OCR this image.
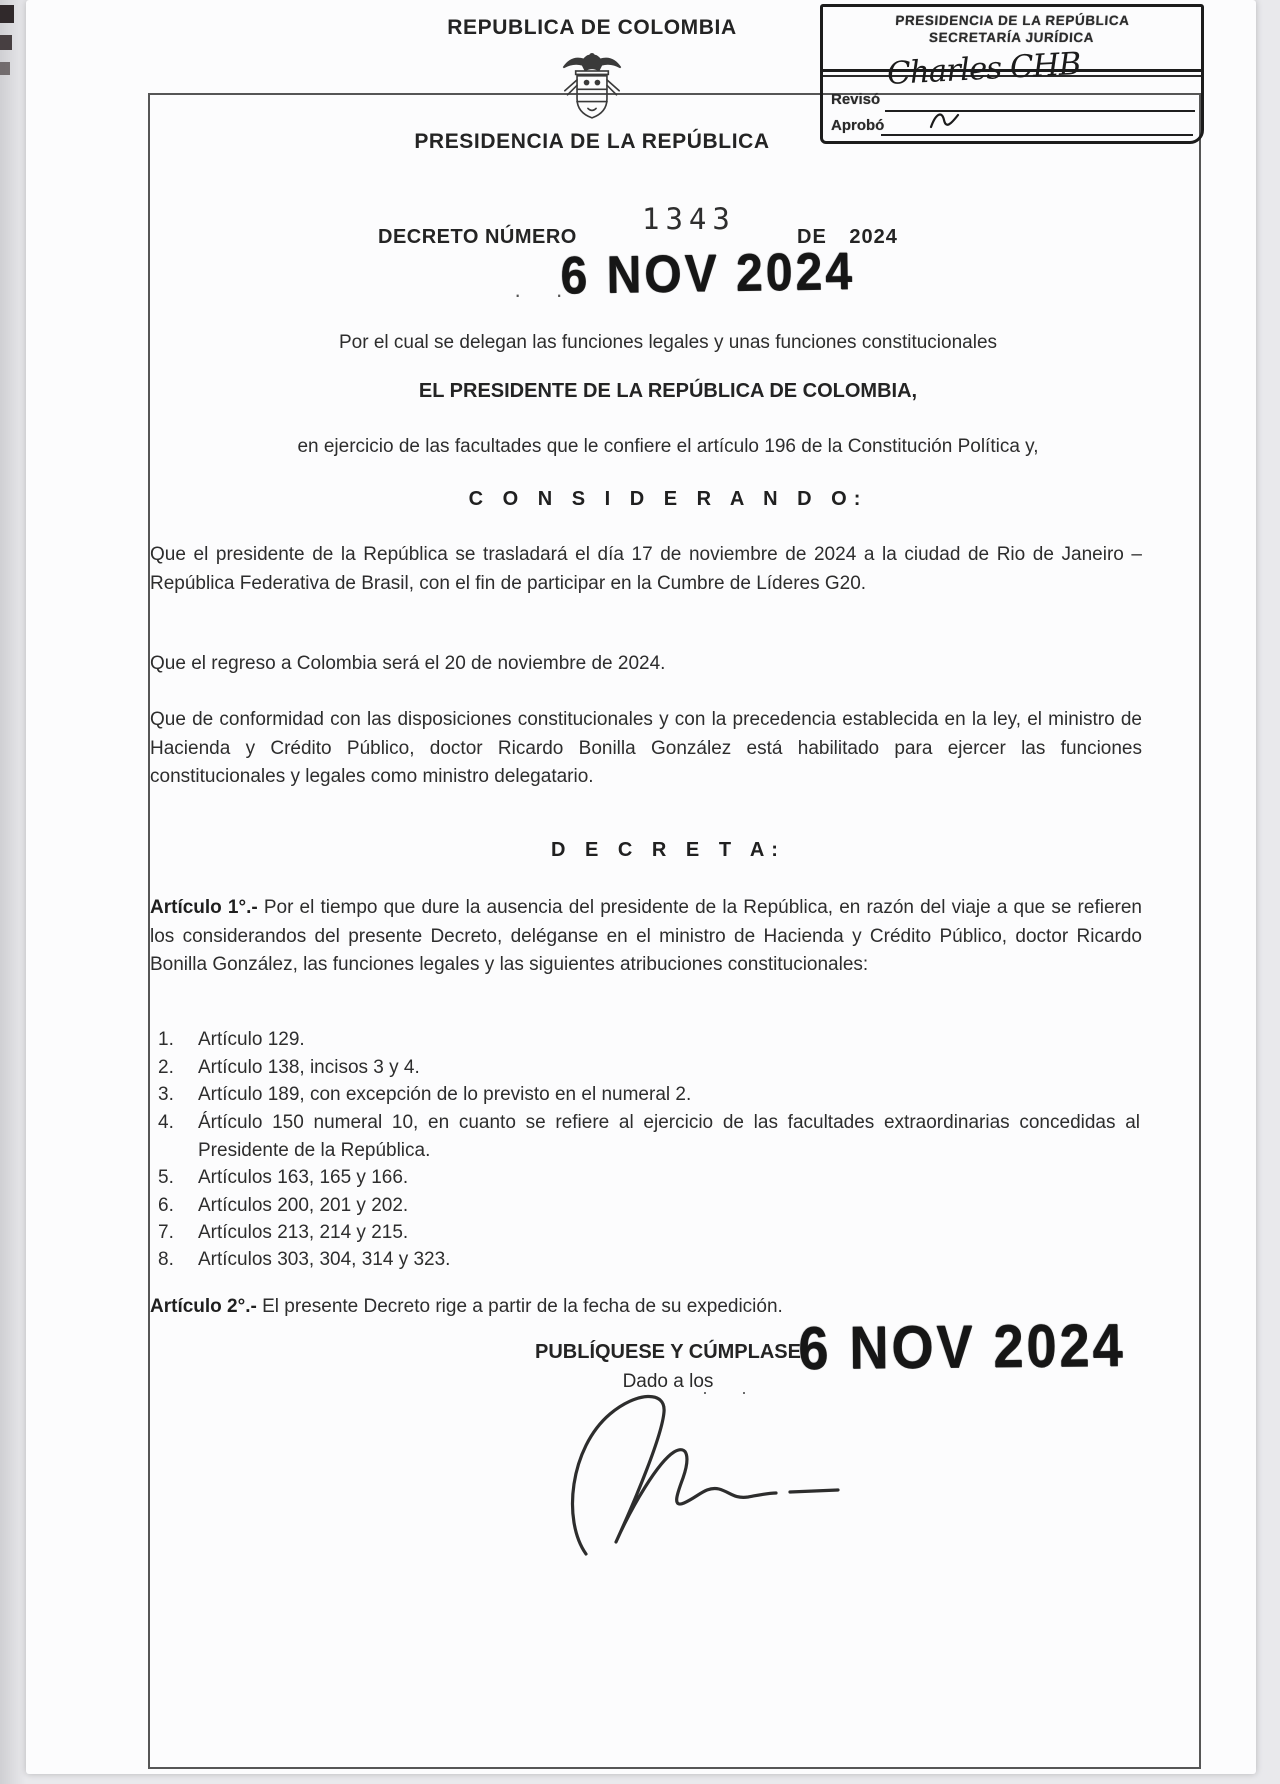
REPUBLICA DE COLOMBIA
PRESIDENCIA DE LA REPÚBLICA
PRESIDENCIA DE LA REPÚBLICA
SECRETARÍA JURÍDICA
Revisó
Charles CHB
Aprobó
DECRETO NÚMERO
1343
DE 2024
· ·
6 NOV 2024
Por el cual se delegan las funciones legales y unas funciones constitucionales
EL PRESIDENTE DE LA REPÚBLICA DE COLOMBIA,
en ejercicio de las facultades que le confiere el artículo 196 de la Constitución Política y,
C O N S I D E R A N D O:
Que el presidente de la República se trasladará el día 17 de noviembre de 2024 a la ciudad de Rio de Janeiro – República Federativa de Brasil, con el fin de participar en la Cumbre de Líderes G20.
Que el regreso a Colombia será el 20 de noviembre de 2024.
Que de conformidad con las disposiciones constitucionales y con la precedencia establecida en la ley, el ministro de Hacienda y Crédito Público, doctor Ricardo Bonilla González está habilitado para ejercer las funciones constitucionales y legales como ministro delegatario.
D E C R E T A:
Artículo 1°.- Por el tiempo que dure la ausencia del presidente de la República, en razón del viaje a que se refieren los considerandos del presente Decreto, deléganse en el ministro de Hacienda y Crédito Público, doctor Ricardo Bonilla González, las funciones legales y las siguientes atribuciones constitucionales:
1.	Artículo 129.
2.	Artículo 138, incisos 3 y 4.
3.	Artículo 189, con excepción de lo previsto en el numeral 2.
4.	Ártículo 150 numeral 10, en cuanto se refiere al ejercicio de las facultades extraordinarias concedidas al Presidente de la República.
5.	Artículos 163, 165 y 166.
6.	Artículos 200, 201 y 202.
7.	Artículos 213, 214 y 215.
8.	Artículos 303, 304, 314 y 323.
Artículo 2°.- El presente Decreto rige a partir de la fecha de su expedición.
PUBLÍQUESE Y CÚMPLASE
Dado a los
· ·
6 NOV 2024
